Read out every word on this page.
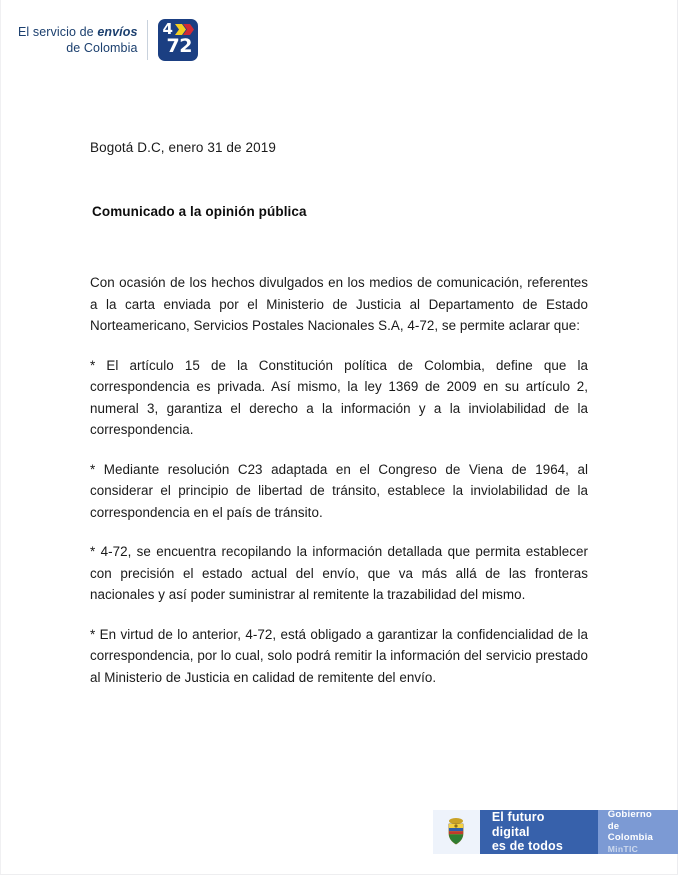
El servicio de envíos
de Colombia
4
72
Bogotá D.C, enero 31 de 2019
Comunicado a la opinión pública

Con ocasión de los hechos divulgados en los medios de comunicación, referentes a la carta enviada por el Ministerio de Justicia al Departamento de Estado Norteamericano, Servicios Postales Nacionales S.A, 4-72, se permite aclarar que:

* El artículo 15 de la Constitución política de Colombia, define que la correspondencia es privada. Así mismo, la ley 1369 de 2009 en su artículo 2, numeral 3, garantiza el derecho a la información y a la inviolabilidad de la correspondencia.

* Mediante resolución C23 adaptada en el Congreso de Viena de 1964, al considerar el principio de libertad de tránsito, establece la inviolabilidad de la correspondencia en el país de tránsito.

* 4-72, se encuentra recopilando la información detallada que permita establecer con precisión el estado actual del envío, que va más allá de las fronteras nacionales y así poder suministrar al remitente la trazabilidad del mismo.

* En virtud de lo anterior, 4-72, está obligado a garantizar la confidencialidad de la correspondencia, por lo cual, solo podrá remitir la información del servicio prestado al Ministerio de Justicia en calidad de remitente del envío.

El futuro digital
es de todos
Gobierno
de Colombia
MinTIC
